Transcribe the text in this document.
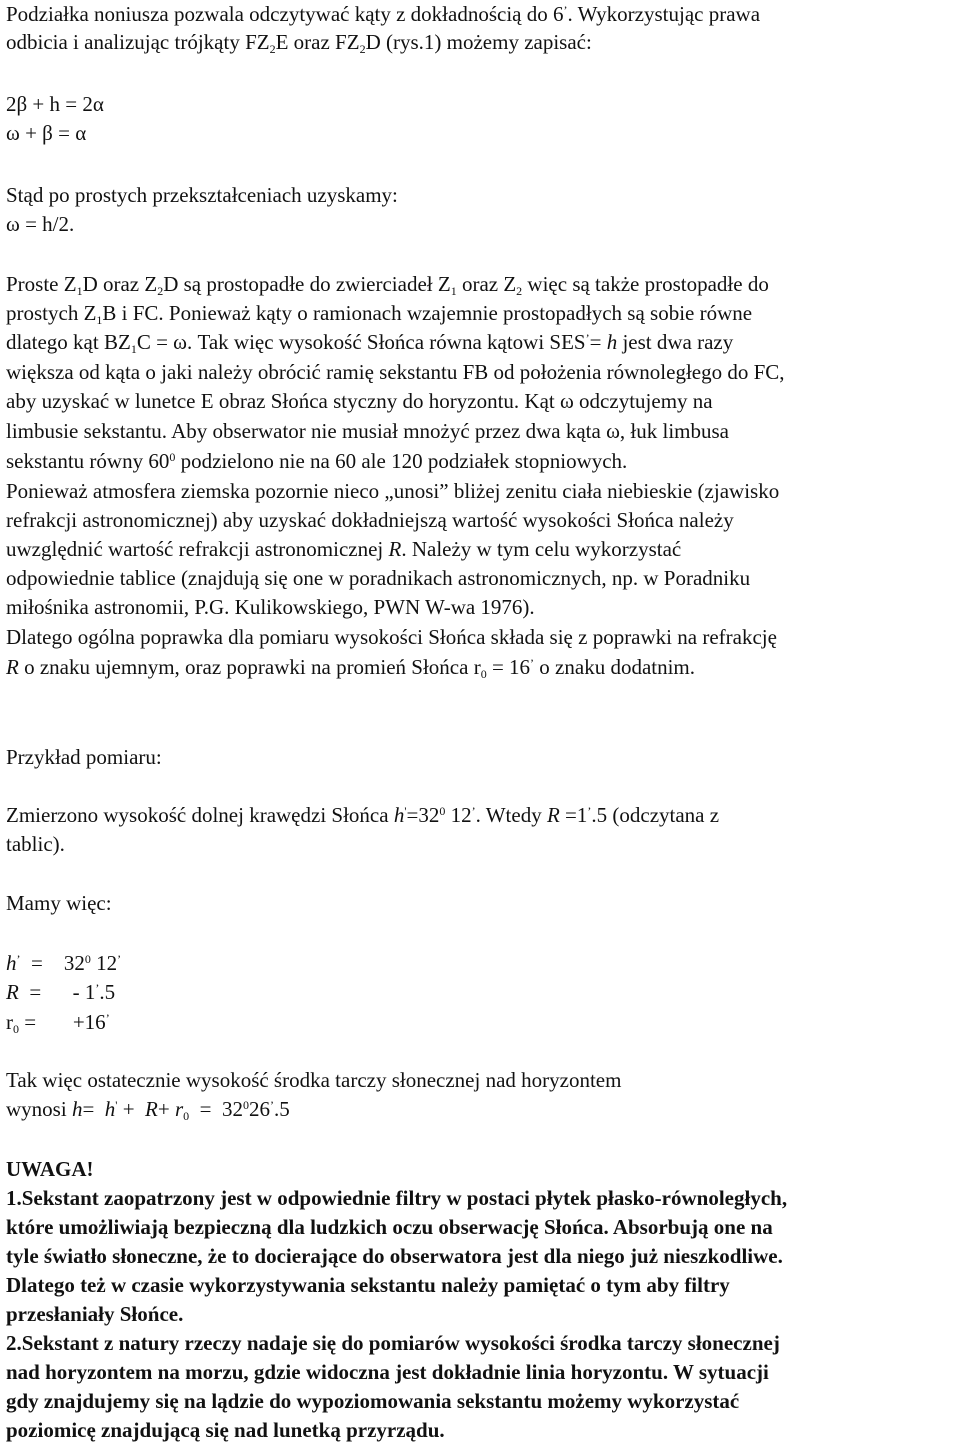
Podziałka noniusza pozwala odczytywać kąty z dokładnością do 6’. Wykorzystując prawa
odbicia i analizując trójkąty $FZ_2E$ oraz $FZ_2D$ (rys.1) możemy zapisać:
2β + h = 2α
ω + β = α
Stąd po prostych przekształceniach uzyskamy:
ω = h/2.
Proste $Z_1D$ oraz $Z_2D$ są prostopadłe do zwierciadeł $Z_1$ oraz $Z_2$ więc są także prostopadłe do
prostych $Z_1B$ i FC. Ponieważ kąty o ramionach wzajemnie prostopadłych są sobie równe
dlatego kąt $BZ_1C = \omega$. Tak więc wysokość Słońca równa kątowi SES’= h jest dwa razy
większa od kąta o jaki należy obrócić ramię sekstantu FB od położenia równoległego do FC,
aby uzyskać w lunetce E obraz Słońca styczny do horyzontu. Kąt ω odczytujemy na
limbusie sekstantu. Aby obserwator nie musiał mnożyć przez dwa kąta ω, łuk limbusa
sekstantu równy $60^0$ podzielono nie na 60 ale 120 podziałek stopniowych.
Ponieważ atmosfera ziemska pozornie nieco „unosi” bliżej zenitu ciała niebieskie (zjawisko
refrakcji astronomicznej) aby uzyskać dokładniejszą wartość wysokości Słońca należy
uwzględnić wartość refrakcji astronomicznej R. Należy w tym celu wykorzystać
odpowiednie tablice (znajdują się one w poradnikach astronomicznych, np. w Poradniku
miłośnika astronomii, P.G. Kulikowskiego, PWN W-wa 1976).
Dlatego ogólna poprawka dla pomiaru wysokości Słońca składa się z poprawki na refrakcję
R o znaku ujemnym, oraz poprawki na promień Słońca $r_0 = 16^’$ o znaku dodatnim.
Przykład pomiaru:
Zmierzono wysokość dolnej krawędzi Słońca $h'=32^0$ 12’. Wtedy R =1’.5 (odczytana z
tablic).
Mamy więc:
h’  =    $32^0$ 12’
R  =      - 1’.5
$r_0$ =       +16’
Tak więc ostatecznie wysokość środka tarczy słonecznej nad horyzontem
wynosi $h= h' + R+ r_0 = 32^026^’.5$
UWAGA!
1.Sekstant zaopatrzony jest w odpowiednie filtry w postaci płytek płasko-równoległych,
które umożliwiają bezpieczną dla ludzkich oczu obserwację Słońca. Absorbują one na
tyle światło słoneczne, że to docierające do obserwatora jest dla niego już nieszkodliwe.
Dlatego też w czasie wykorzystywania sekstantu należy pamiętać o tym aby filtry
przesłaniały Słońce.
2.Sekstant z natury rzeczy nadaje się do pomiarów wysokości środka tarczy słonecznej
nad horyzontem na morzu, gdzie widoczna jest dokładnie linia horyzontu. W sytuacji
gdy znajdujemy się na lądzie do wypoziomowania sekstantu możemy wykorzystać
poziomicę znajdującą się nad lunetką przyrządu.
